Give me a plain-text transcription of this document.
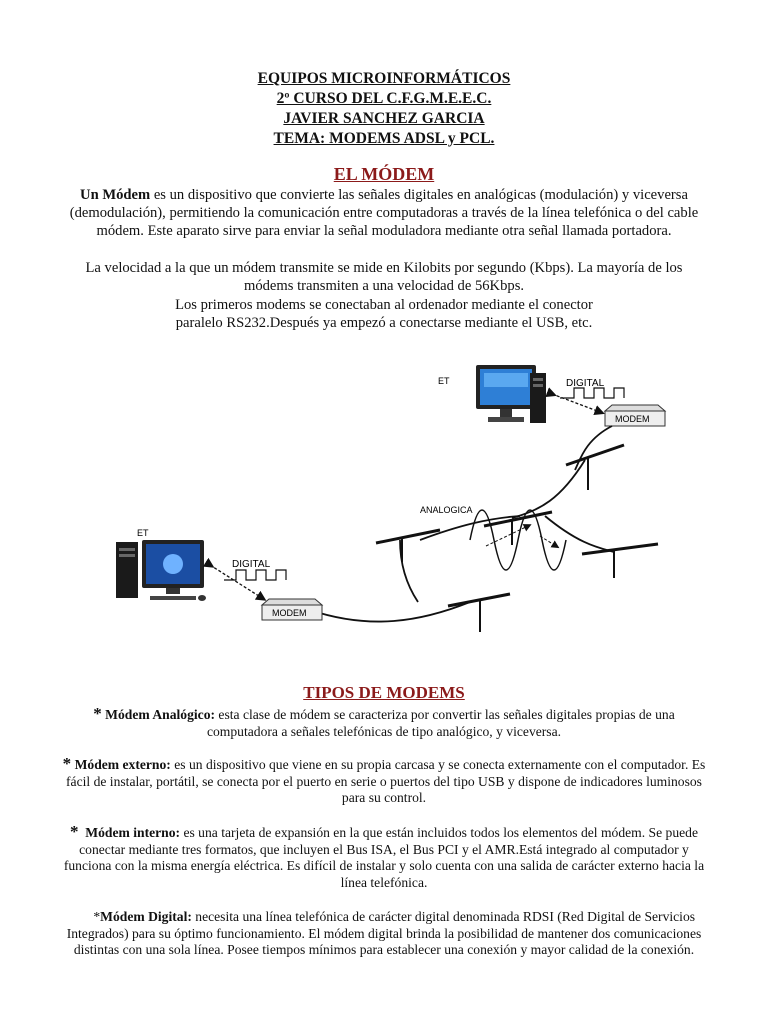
EQUIPOS MICROINFORMÁTICOS
2º CURSO DEL C.F.G.M.E.E.C.
JAVIER SANCHEZ GARCIA
TEMA: MODEMS ADSL y PCL.
EL MÓDEM
Un Módem es un dispositivo que convierte las señales digitales en analógicas (modulación) y viceversa (demodulación), permitiendo la comunicación entre computadoras a través de la línea telefónica o del cable módem. Este aparato sirve para enviar la señal moduladora mediante otra señal llamada portadora.
La velocidad a la que un módem transmite se mide en Kilobits por segundo (Kbps). La mayoría de los módems transmiten a una velocidad de 56Kbps.
Los primeros modems se conectaban al ordenador mediante el conector
paralelo RS232.Después ya empezó a conectarse mediante el USB, etc.
ET	DIGITAL
MODEM
ANALOGICA
ET
DIGITAL
MODEM
TIPOS DE MODEMS
* Módem Analógico: esta clase de módem se caracteriza por convertir las señales digitales propias de una computadora a señales telefónicas de tipo analógico, y viceversa.
* Módem externo: es un dispositivo que viene en su propia carcasa y se conecta externamente con el computador. Es fácil de instalar, portátil, se conecta por el puerto en serie o puertos del tipo USB y dispone de indicadores luminosos para su control.
* Módem interno: es una tarjeta de expansión en la que están incluidos todos los elementos del módem. Se puede conectar mediante tres formatos, que incluyen el Bus ISA, el Bus PCI y el AMR.Está integrado al computador y funciona con la misma energía eléctrica. Es difícil de instalar y solo cuenta con una salida de carácter externo hacia la línea telefónica.
*Módem Digital: necesita una línea telefónica de carácter digital denominada RDSI (Red Digital de Servicios Integrados) para su óptimo funcionamiento. El módem digital brinda la posibilidad de mantener dos comunicaciones distintas con una sola línea. Posee tiempos mínimos para establecer una conexión y mayor calidad de la conexión.
